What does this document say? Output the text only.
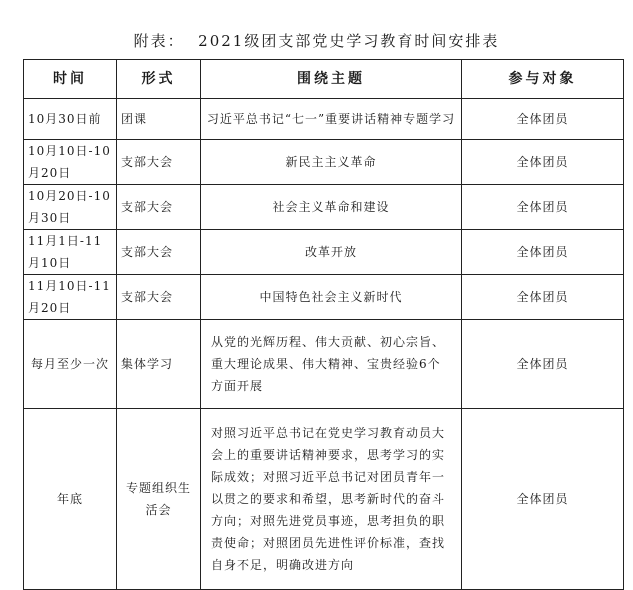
附表：  2021级团支部党史学习教育时间安排表
时间	形式	围绕主题	参与对象
10月30日前	团课	习近平总书记“七一”重要讲话精神专题学习	全体团员
10月10日-10月20日	支部大会	新民主主义革命	全体团员
10月20日-10月30日	支部大会	社会主义革命和建设	全体团员
11月1日-11月10日	支部大会	改革开放	全体团员
11月10日-11月20日	支部大会	中国特色社会主义新时代	全体团员
每月至少一次	集体学习	从党的光辉历程、伟大贡献、初心宗旨、重大理论成果、伟大精神、宝贵经验6个方面开展	全体团员
年底	专题组织生活会	对照习近平总书记在党史学习教育动员大会上的重要讲话精神要求，思考学习的实际成效；对照习近平总书记对团员青年一以贯之的要求和希望，思考新时代的奋斗方向；对照先进党员事迹，思考担负的职责使命；对照团员先进性评价标准，查找自身不足，明确改进方向	全体团员
